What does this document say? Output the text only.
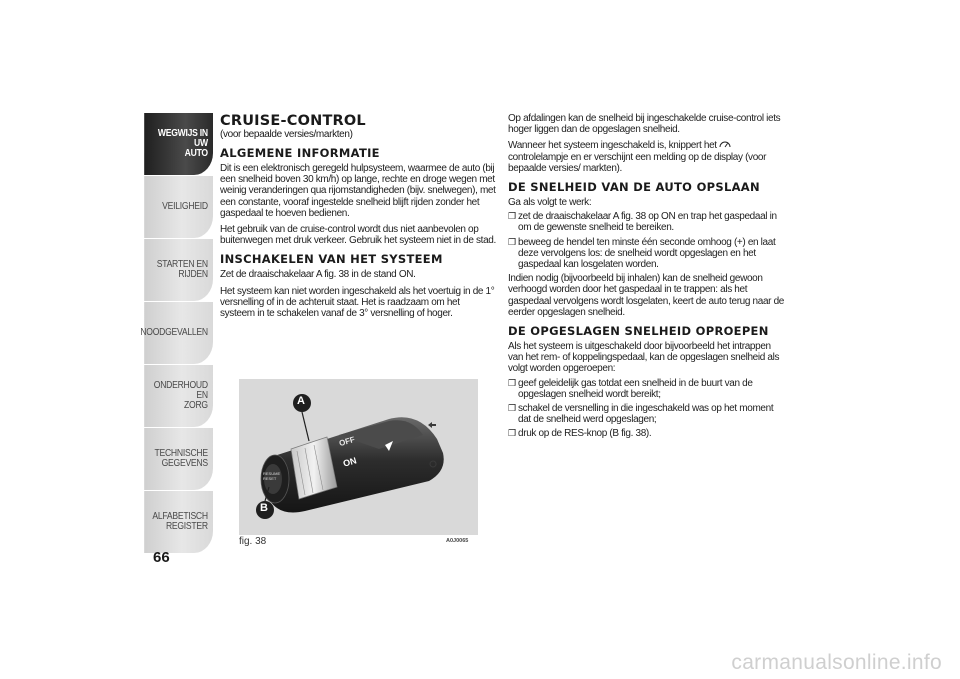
WEGWIJS IN UW
AUTO
VEILIGHEID
STARTEN EN RIJDEN
NOODGEVALLEN
ONDERHOUD EN
ZORG
TECHNISCHE
GEGEVENS
ALFABETISCH
REGISTER
66
CRUISE-CONTROL

(voor bepaalde versies/markten)

ALGEMENE INFORMATIE

Dit is een elektronisch geregeld hulpsysteem, waarmee de auto (bij een snelheid boven 30 km/h) op lange, rechte en droge wegen met weinig veranderingen qua rijomstandigheden (bijv. snelwegen), met een constante, vooraf ingestelde snelheid blijft rijden zonder het gaspedaal te hoeven bedienen.

Het gebruik van de cruise-control wordt dus niet aanbevolen op buitenwegen met druk verkeer. Gebruik het systeem niet in de stad.

INSCHAKELEN VAN HET SYSTEEM

Zet de draaischakelaar A fig. 38 in de stand ON.

Het systeem kan niet worden ingeschakeld als het voertuig in de 1° versnelling of in de achteruit staat. Het is raadzaam om het systeem in te schakelen vanaf de 3° versnelling of hoger.

A
B
OFF
ON
RESUME
RESET
fig. 38	A0J0065

Op afdalingen kan de snelheid bij ingeschakelde cruise-control iets hoger liggen dan de opgeslagen snelheid.

Wanneer het systeem ingeschakeld is, knippert het  controlelampje en er verschijnt een melding op de display (voor bepaalde versies/ markten).

DE SNELHEID VAN DE AUTO OPSLAAN

Ga als volgt te werk:

❒ zet de draaischakelaar A fig. 38 op ON en trap het gaspedaal in om de gewenste snelheid te bereiken.
❒ beweeg de hendel ten minste één seconde omhoog (+) en laat deze vervolgens los: de snelheid wordt opgeslagen en het gaspedaal kan losgelaten worden.

Indien nodig (bijvoorbeeld bij inhalen) kan de snelheid gewoon verhoogd worden door het gaspedaal in te trappen: als het gaspedaal vervolgens wordt losgelaten, keert de auto terug naar de eerder opgeslagen snelheid.

DE OPGESLAGEN SNELHEID OPROEPEN

Als het systeem is uitgeschakeld door bijvoorbeeld het intrappen van het rem- of koppelingspedaal, kan de opgeslagen snelheid als volgt worden opgeroepen:

❒ geef geleidelijk gas totdat een snelheid in de buurt van de opgeslagen snelheid wordt bereikt;
❒ schakel de versnelling in die ingeschakeld was op het moment dat de snelheid werd opgeslagen;
❒ druk op de RES-knop (B fig. 38).
carmanualsonline.info
